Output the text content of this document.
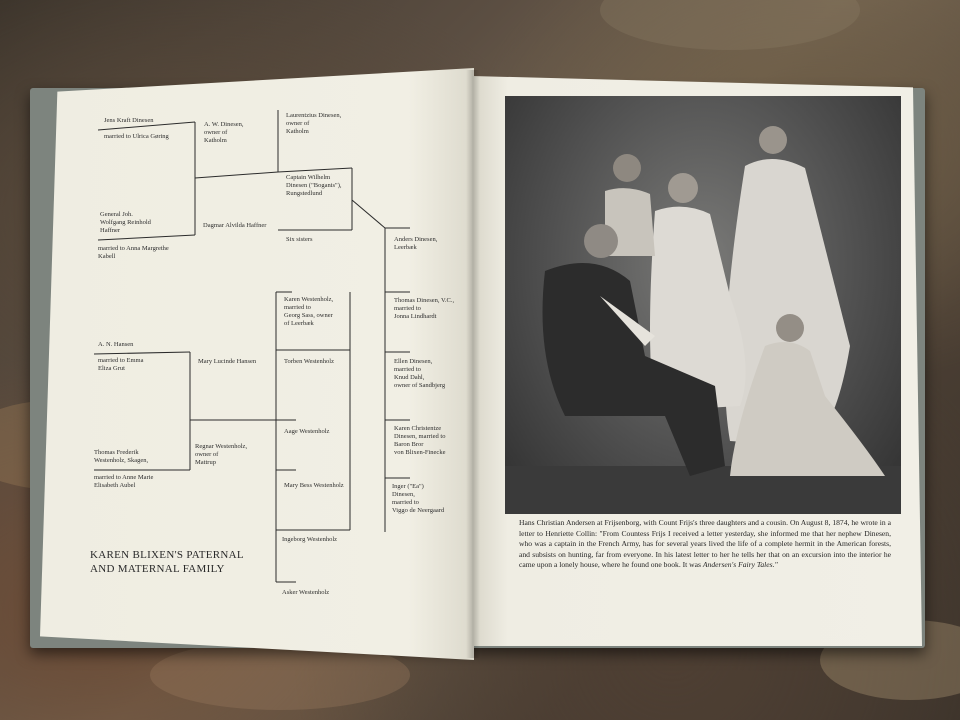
Jens Kraft Dinesen
married to Ulrica Gøring
A. W. Dinesen,
owner of
Katholm
Laurentzius Dinesen,
owner of
Katholm
Captain Wilhelm
Dinesen ("Boganis"),
Rungstedlund
General Joh.
Wolfgang Reinhold
Haffner
Dagmar Alvilda Haffner
Six sisters
married to Anna Margrethe
Kabell
Anders Dinesen,
Leerbæk
Karen Westenholz,
married to
Georg Sass, owner
of Leerbæk
Thomas Dinesen, V.C.,
married to
Jonna Lindhardt
A. N. Hansen
married to Emma
Eliza Grut
Mary Lucinde Hansen	Torben Westenholz	Ellen Dinesen,
married to
Knud Dahl,
owner of Sandbjerg
Aage Westenholz	Karen Christentze
Dinesen, married to
Baron Bror
von Blixen-Finecke
Regnar Westenholz,
owner of
Mattrup
Thomas Frederik
Westenholz, Skagen,
married to Anne Marie
Elisabeth Aubel	Mary Bess Westenholz	Inger ("Ea")
Dinesen,
married to
Viggo de Neergaard
Ingeborg Westenholz
Asker Westenholz
KAREN BLIXEN'S PATERNAL AND MATERNAL FAMILY
Hans Christian Andersen at Frijsenborg, with Count Frijs's three daughters and a cousin. On August 8, 1874, he wrote in a letter to Henriette Collin: "From Countess Frijs I received a letter yesterday, she informed me that her nephew Dinesen, who was a captain in the French Army, has for several years lived the life of a complete hermit in the American forests, and subsists on hunting, far from everyone. In his latest letter to her he tells her that on an excursion into the interior he came upon a lonely house, where he found one book. It was Andersen's Fairy Tales."
